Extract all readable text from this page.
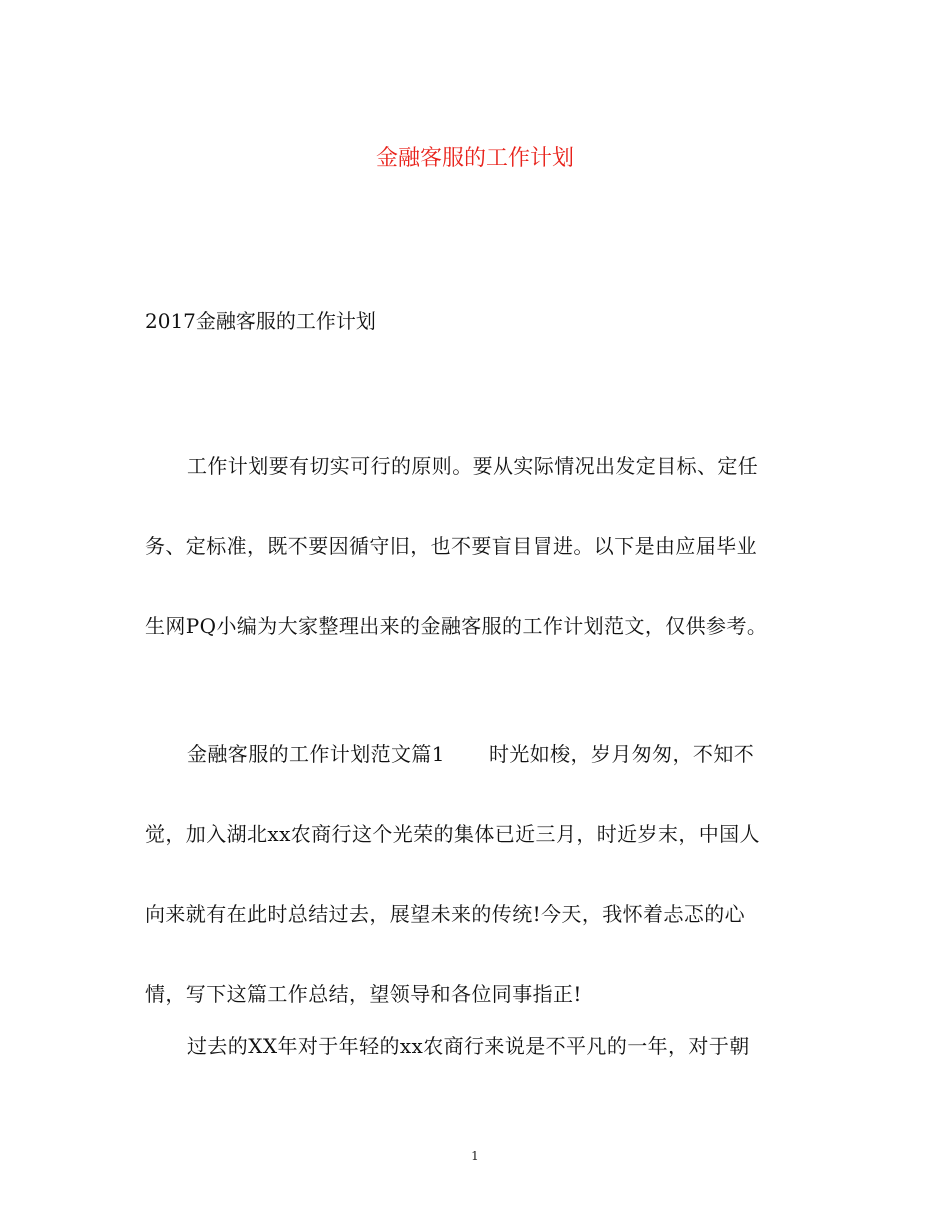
金融客服的工作计划

2017金融客服的工作计划

工作计划要有切实可行的原则。要从实际情况出发定目标、定任
务、定标准，既不要因循守旧，也不要盲目冒进。以下是由应届毕业
生网PQ小编为大家整理出来的金融客服的工作计划范文，仅供参考。
金融客服的工作计划范文篇1 时光如梭，岁月匆匆，不知不
觉，加入湖北xx农商行这个光荣的集体已近三月，时近岁末，中国人
向来就有在此时总结过去，展望未来的传统!今天，我怀着忐忑的心
情，写下这篇工作总结，望领导和各位同事指正!
过去的XX年对于年轻的xx农商行来说是不平凡的一年，对于朝
1
